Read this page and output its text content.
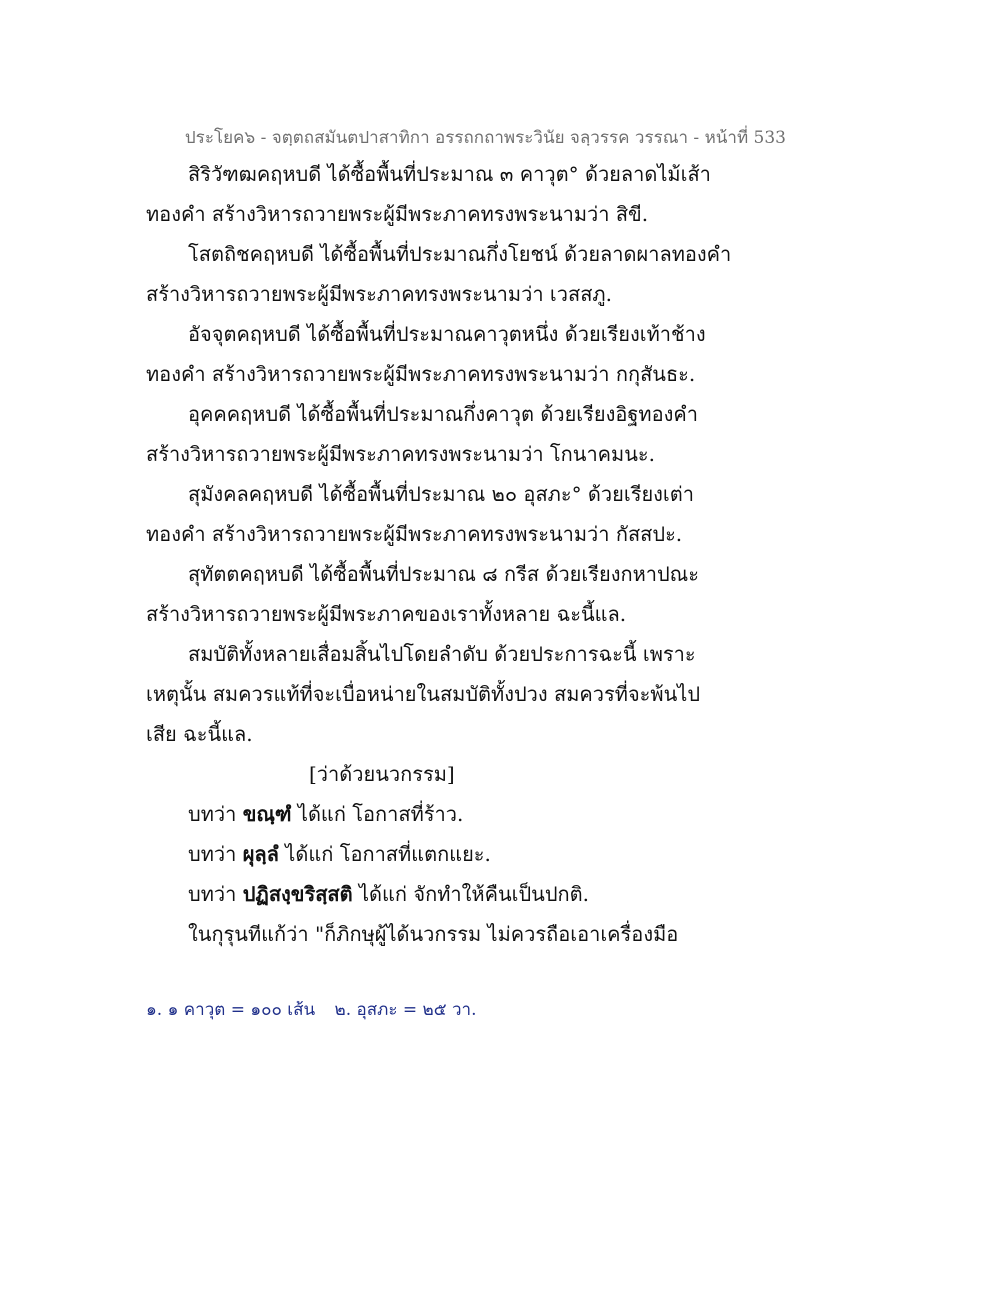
ประโยค๖ - จตฺตถสมันตปาสาทิกา อรรถกถาพระวินัย จลฺวรรค วรรณา - หน้าที่ 533
สิริวัฑฒคฤหบดี ได้ซื้อพื้นที่ประมาณ ๓ คาวุต° ด้วยลาดไม้เส้า
ทองคำ สร้างวิหารถวายพระผู้มีพระภาคทรงพระนามว่า สิขี.
โสตถิชคฤหบดี ได้ซื้อพื้นที่ประมาณกึ่งโยชน์ ด้วยลาดผาลทองคำ
สร้างวิหารถวายพระผู้มีพระภาคทรงพระนามว่า เวสสภู.
อัจจุตคฤหบดี ได้ซื้อพื้นที่ประมาณคาวุตหนึ่ง ด้วยเรียงเท้าช้าง
ทองคำ สร้างวิหารถวายพระผู้มีพระภาคทรงพระนามว่า กกุสันธะ.
อุคคคฤหบดี ได้ซื้อพื้นที่ประมาณกึ่งคาวุต ด้วยเรียงอิฐทองคำ
สร้างวิหารถวายพระผู้มีพระภาคทรงพระนามว่า โกนาคมนะ.
สุมังคลคฤหบดี ได้ซื้อพื้นที่ประมาณ ๒๐ อุสภะ° ด้วยเรียงเต่า
ทองคำ สร้างวิหารถวายพระผู้มีพระภาคทรงพระนามว่า กัสสปะ.
สุทัตตคฤหบดี ได้ซื้อพื้นที่ประมาณ ๘ กรีส ด้วยเรียงกหาปณะ
สร้างวิหารถวายพระผู้มีพระภาคของเราทั้งหลาย ฉะนี้แล.
สมบัติทั้งหลายเสื่อมสิ้นไปโดยลำดับ ด้วยประการฉะนี้ เพราะ
เหตุนั้น สมควรแท้ที่จะเบื่อหน่ายในสมบัติทั้งปวง สมควรที่จะพ้นไป
เสีย ฉะนี้แล.
[ว่าด้วยนวกรรม]
บทว่า ขณฺฑํ ได้แก่ โอกาสที่ร้าว.
บทว่า ผุลฺลํ ได้แก่ โอกาสที่แตกแยะ.
บทว่า ปฏิสงฺขริสฺสติ ได้แก่ จักทำให้คืนเป็นปกติ.
ในกุรุนทีแก้ว่า "ก็ภิกษุผู้ได้นวกรรม ไม่ควรถือเอาเครื่องมือ
๑. ๑ คาวุต = ๑๐๐ เส้น ๒. อุสภะ = ๒๕ วา.
